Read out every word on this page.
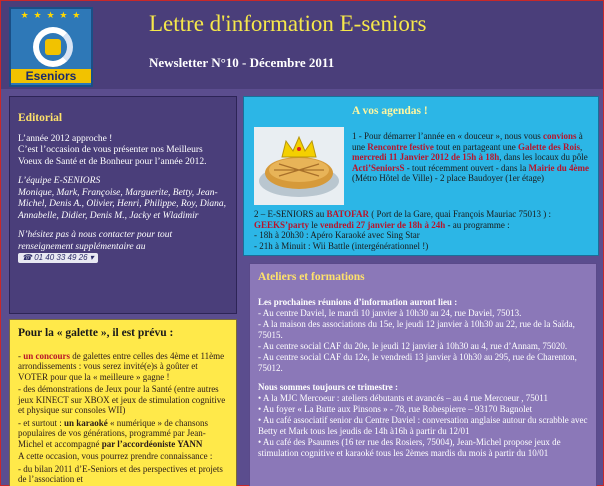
★ ★ ★ ★ ★
Eseniors
Lettre d'information E-seniors
Newsletter N°10 - Décembre 2011
Editorial

L’année 2012 approche !
C’est l’occasion de vous présenter nos Meilleurs Voeux de Santé et de Bonheur pour l’année 2012.

L’équipe E-SENIORS
Monique, Mark, Françoise, Marguerite, Betty, Jean-Michel, Denis A., Olivier, Henri, Philippe, Roy, Diana, Annabelle, Didier, Denis M., Jacky et Wladimir

N’hésitez pas à nous contacter pour tout renseignement supplémentaire au
☎ 01 40 33 49 26 ▾

Pour la « galette », il est prévu :

- un concours de galettes entre celles des 4ème et 11ème arrondissements : vous serez invité(e)s à goûter et VOTER pour que la « meilleure » gagne !

- des démonstrations de Jeux pour la Santé (entre autres jeux KINECT sur XBOX et jeux de stimulation cognitive et physique sur consoles WII)

- et surtout : un karaoké « numérique » de chansons populaires de vos générations, programmé par Jean-Michel et accompagné par l’accordéoniste YANN

A cette occasion, vous pourrez prendre connaissance :

- du bilan 2011 d’E-Seniors et des perspectives et projets de l’association et

A vos agendas !
1 - Pour démarrer l’année en « douceur », nous vous convions à une Rencontre festive tout en partageant une Galette des Rois, mercredi 11 Janvier 2012 de 15h à 18h, dans les locaux du pôle Acti’SeniorsS - tout récemment ouvert - dans la Mairie du 4ème (Métro Hôtel de Ville) - 2 place Baudoyer (1er étage)
2 – E-SENIORS au BATOFAR ( Port de la Gare, quai François Mauriac 75013 ) : GEEKS’party le vendredi 27 janvier de 18h à 24h - au programme :
- 18h à 20h30 : Apéro Karaoké avec Sing Star
- 21h à Minuit : Wii Battle (intergénérationnel !)
Ateliers et formations

Les prochaines réunions d’information auront lieu :

- Au centre Daviel, le mardi 10 janvier à 10h30 au 24, rue Daviel, 75013.

- A la maison des associations du 15e, le jeudi 12 janvier à 10h30 au 22, rue de la Saïda, 75015.

- Au centre social CAF du 20e, le jeudi 12 janvier à 10h30 au 4, rue d’Annam, 75020.

- Au centre social CAF du 12e, le vendredi 13 janvier à 10h30 au 295, rue de Charenton, 75012.

Nous sommes toujours ce trimestre :

• A la MJC Mercoeur : ateliers débutants et avancés – au 4 rue Mercoeur , 75011

• Au foyer « La Butte aux Pinsons » - 78, rue Robespierre – 93170 Bagnolet

• Au café associatif senior du Centre Daviel : conversation anglaise autour du scrabble avec Betty et Mark tous les jeudis de 14h à16h à partir du 12/01

• Au café des Psaumes (16 ter rue des Rosiers, 75004), Jean-Michel propose jeux de stimulation cognitive et karaoké tous les 2èmes mardis du mois à partir du 10/01
